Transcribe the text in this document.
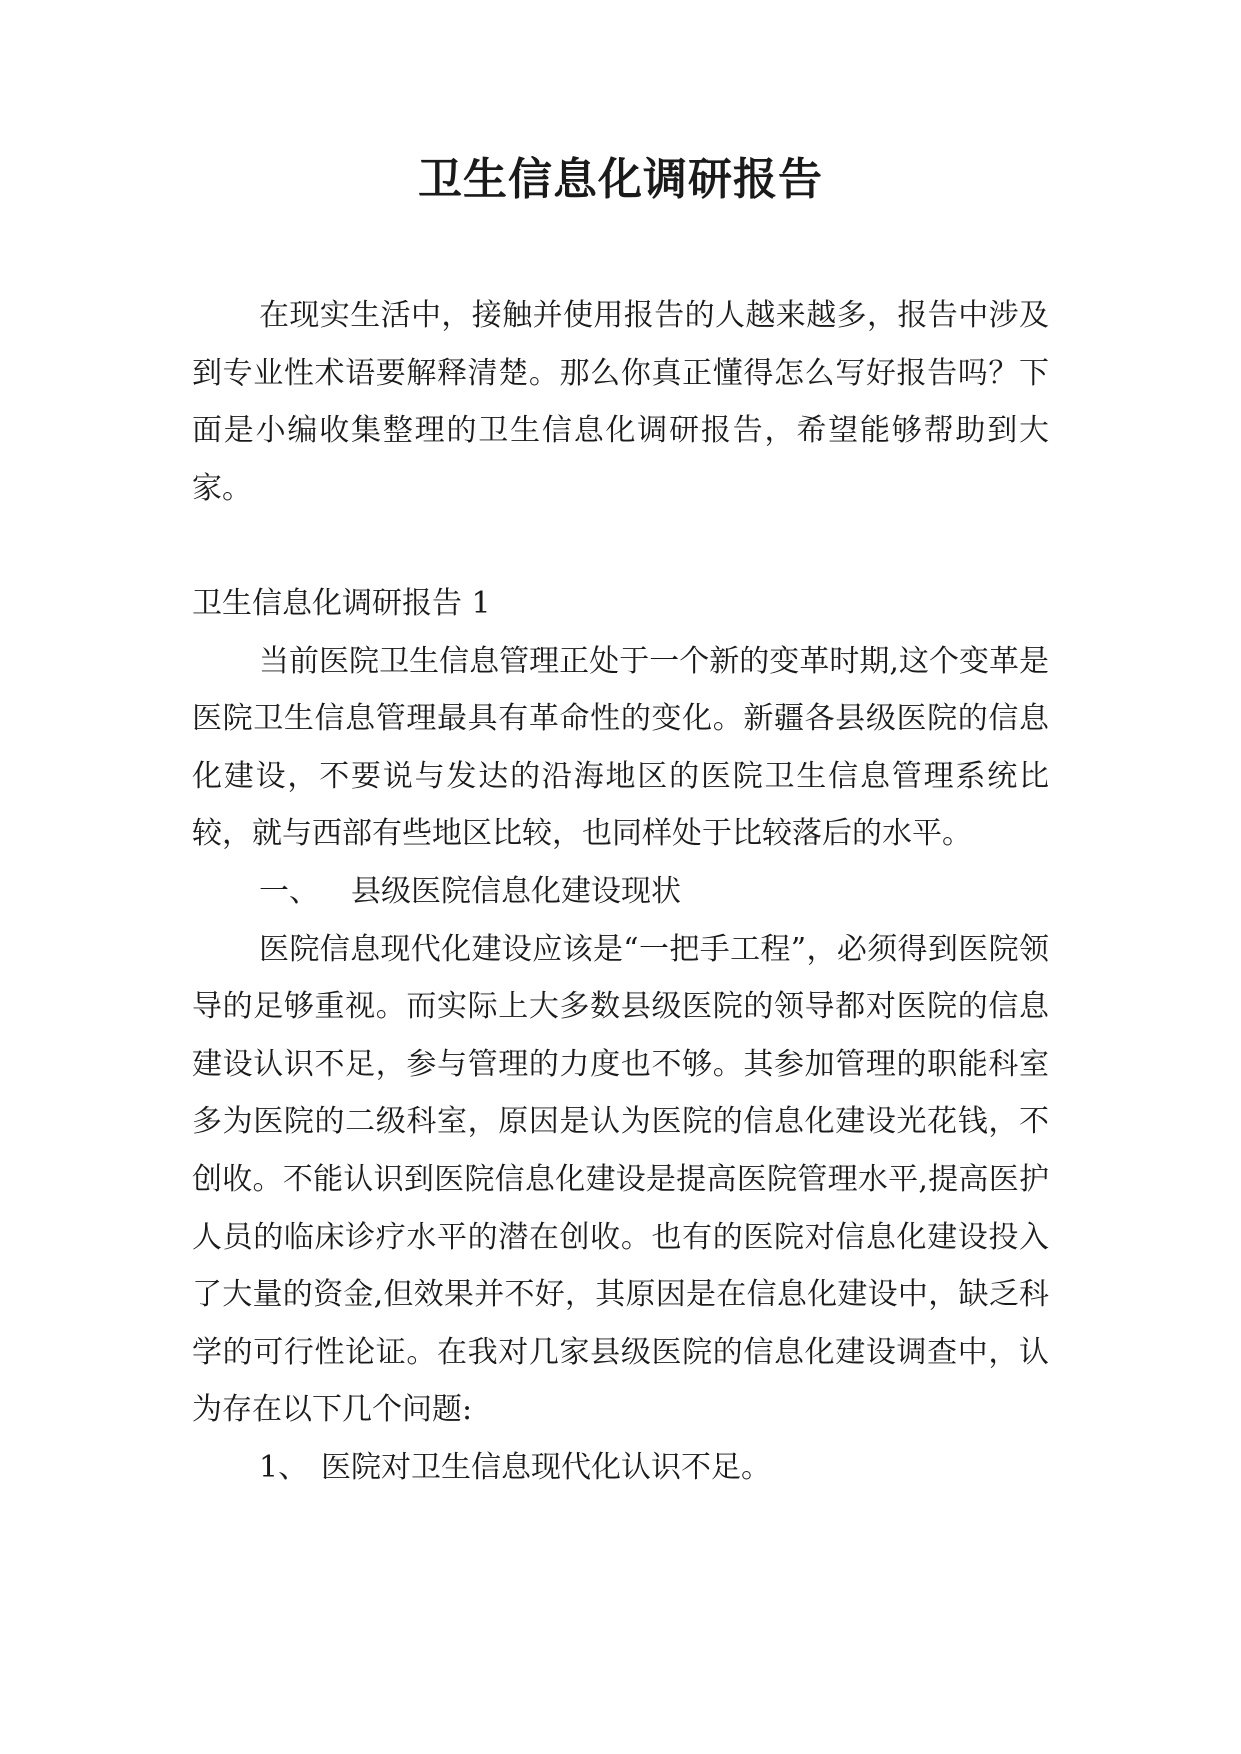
卫生信息化调研报告

在现实生活中，接触并使用报告的人越来越多，报告中涉及到专业性术语要解释清楚。那么你真正懂得怎么写好报告吗？下面是小编收集整理的卫生信息化调研报告，希望能够帮助到大家。

卫生信息化调研报告 1

当前医院卫生信息管理正处于一个新的变革时期,这个变革是医院卫生信息管理最具有革命性的变化。新疆各县级医院的信息化建设，不要说与发达的沿海地区的医院卫生信息管理系统比较，就与西部有些地区比较，也同样处于比较落后的水平。

一、 县级医院信息化建设现状

医院信息现代化建设应该是“一把手工程”，必须得到医院领导的足够重视。而实际上大多数县级医院的领导都对医院的信息建设认识不足，参与管理的力度也不够。其参加管理的职能科室多为医院的二级科室，原因是认为医院的信息化建设光花钱，不创收。不能认识到医院信息化建设是提高医院管理水平,提高医护人员的临床诊疗水平的潜在创收。也有的医院对信息化建设投入了大量的资金,但效果并不好，其原因是在信息化建设中，缺乏科学的可行性论证。在我对几家县级医院的信息化建设调查中，认为存在以下几个问题:

1、 医院对卫生信息现代化认识不足。
